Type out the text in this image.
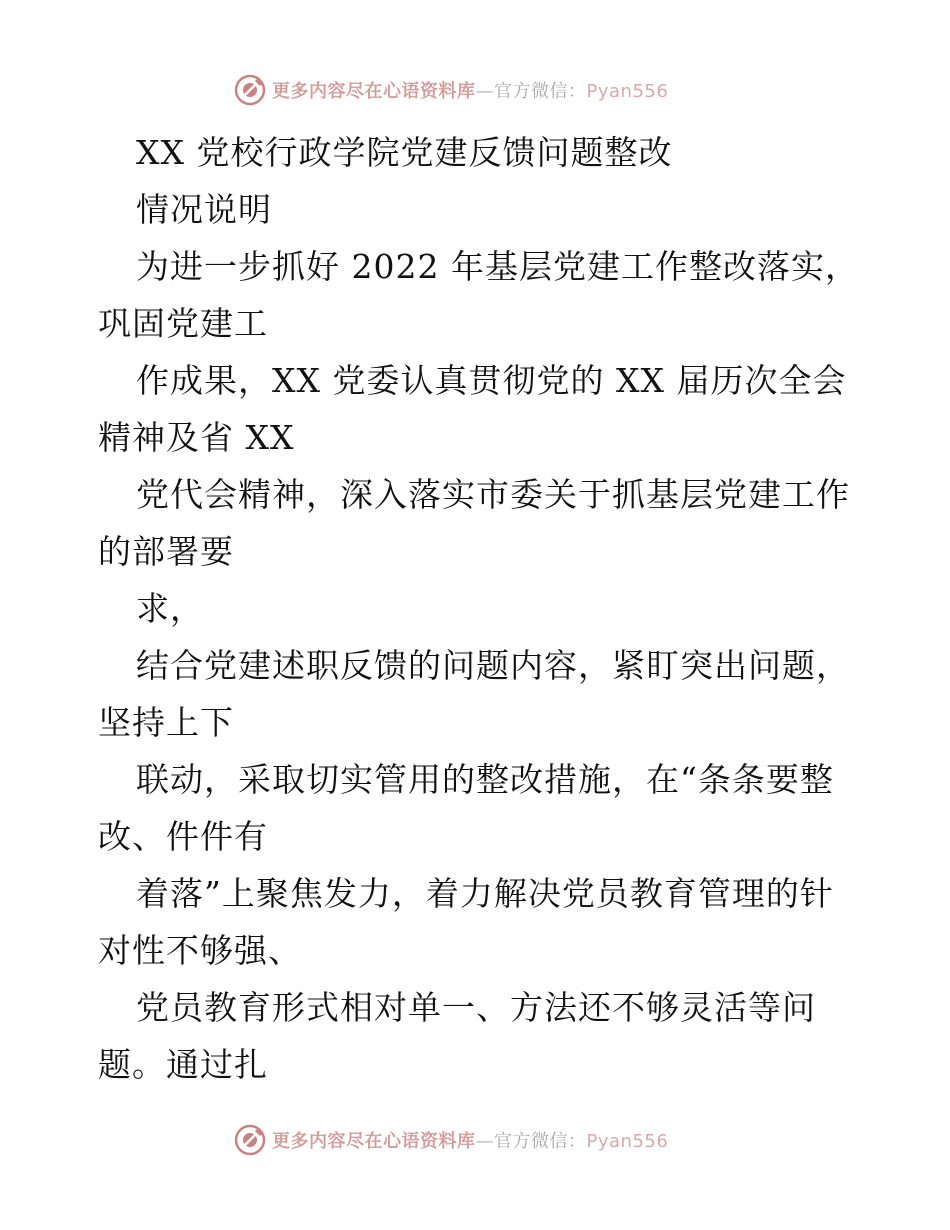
更多内容尽在心语资料库—官方微信：Pyan556
XX 党校行政学院党建反馈问题整改
情况说明
为进一步抓好 2022 年基层党建工作整改落实，
巩固党建工
作成果，XX 党委认真贯彻党的 XX 届历次全会
精神及省 XX
党代会精神，深入落实市委关于抓基层党建工作
的部署要
求，
结合党建述职反馈的问题内容，紧盯突出问题，
坚持上下
联动，采取切实管用的整改措施，在“条条要整
改、件件有
着落”上聚焦发力，着力解决党员教育管理的针
对性不够强、
党员教育形式相对单一、方法还不够灵活等问
题。通过扎
更多内容尽在心语资料库—官方微信：Pyan556
